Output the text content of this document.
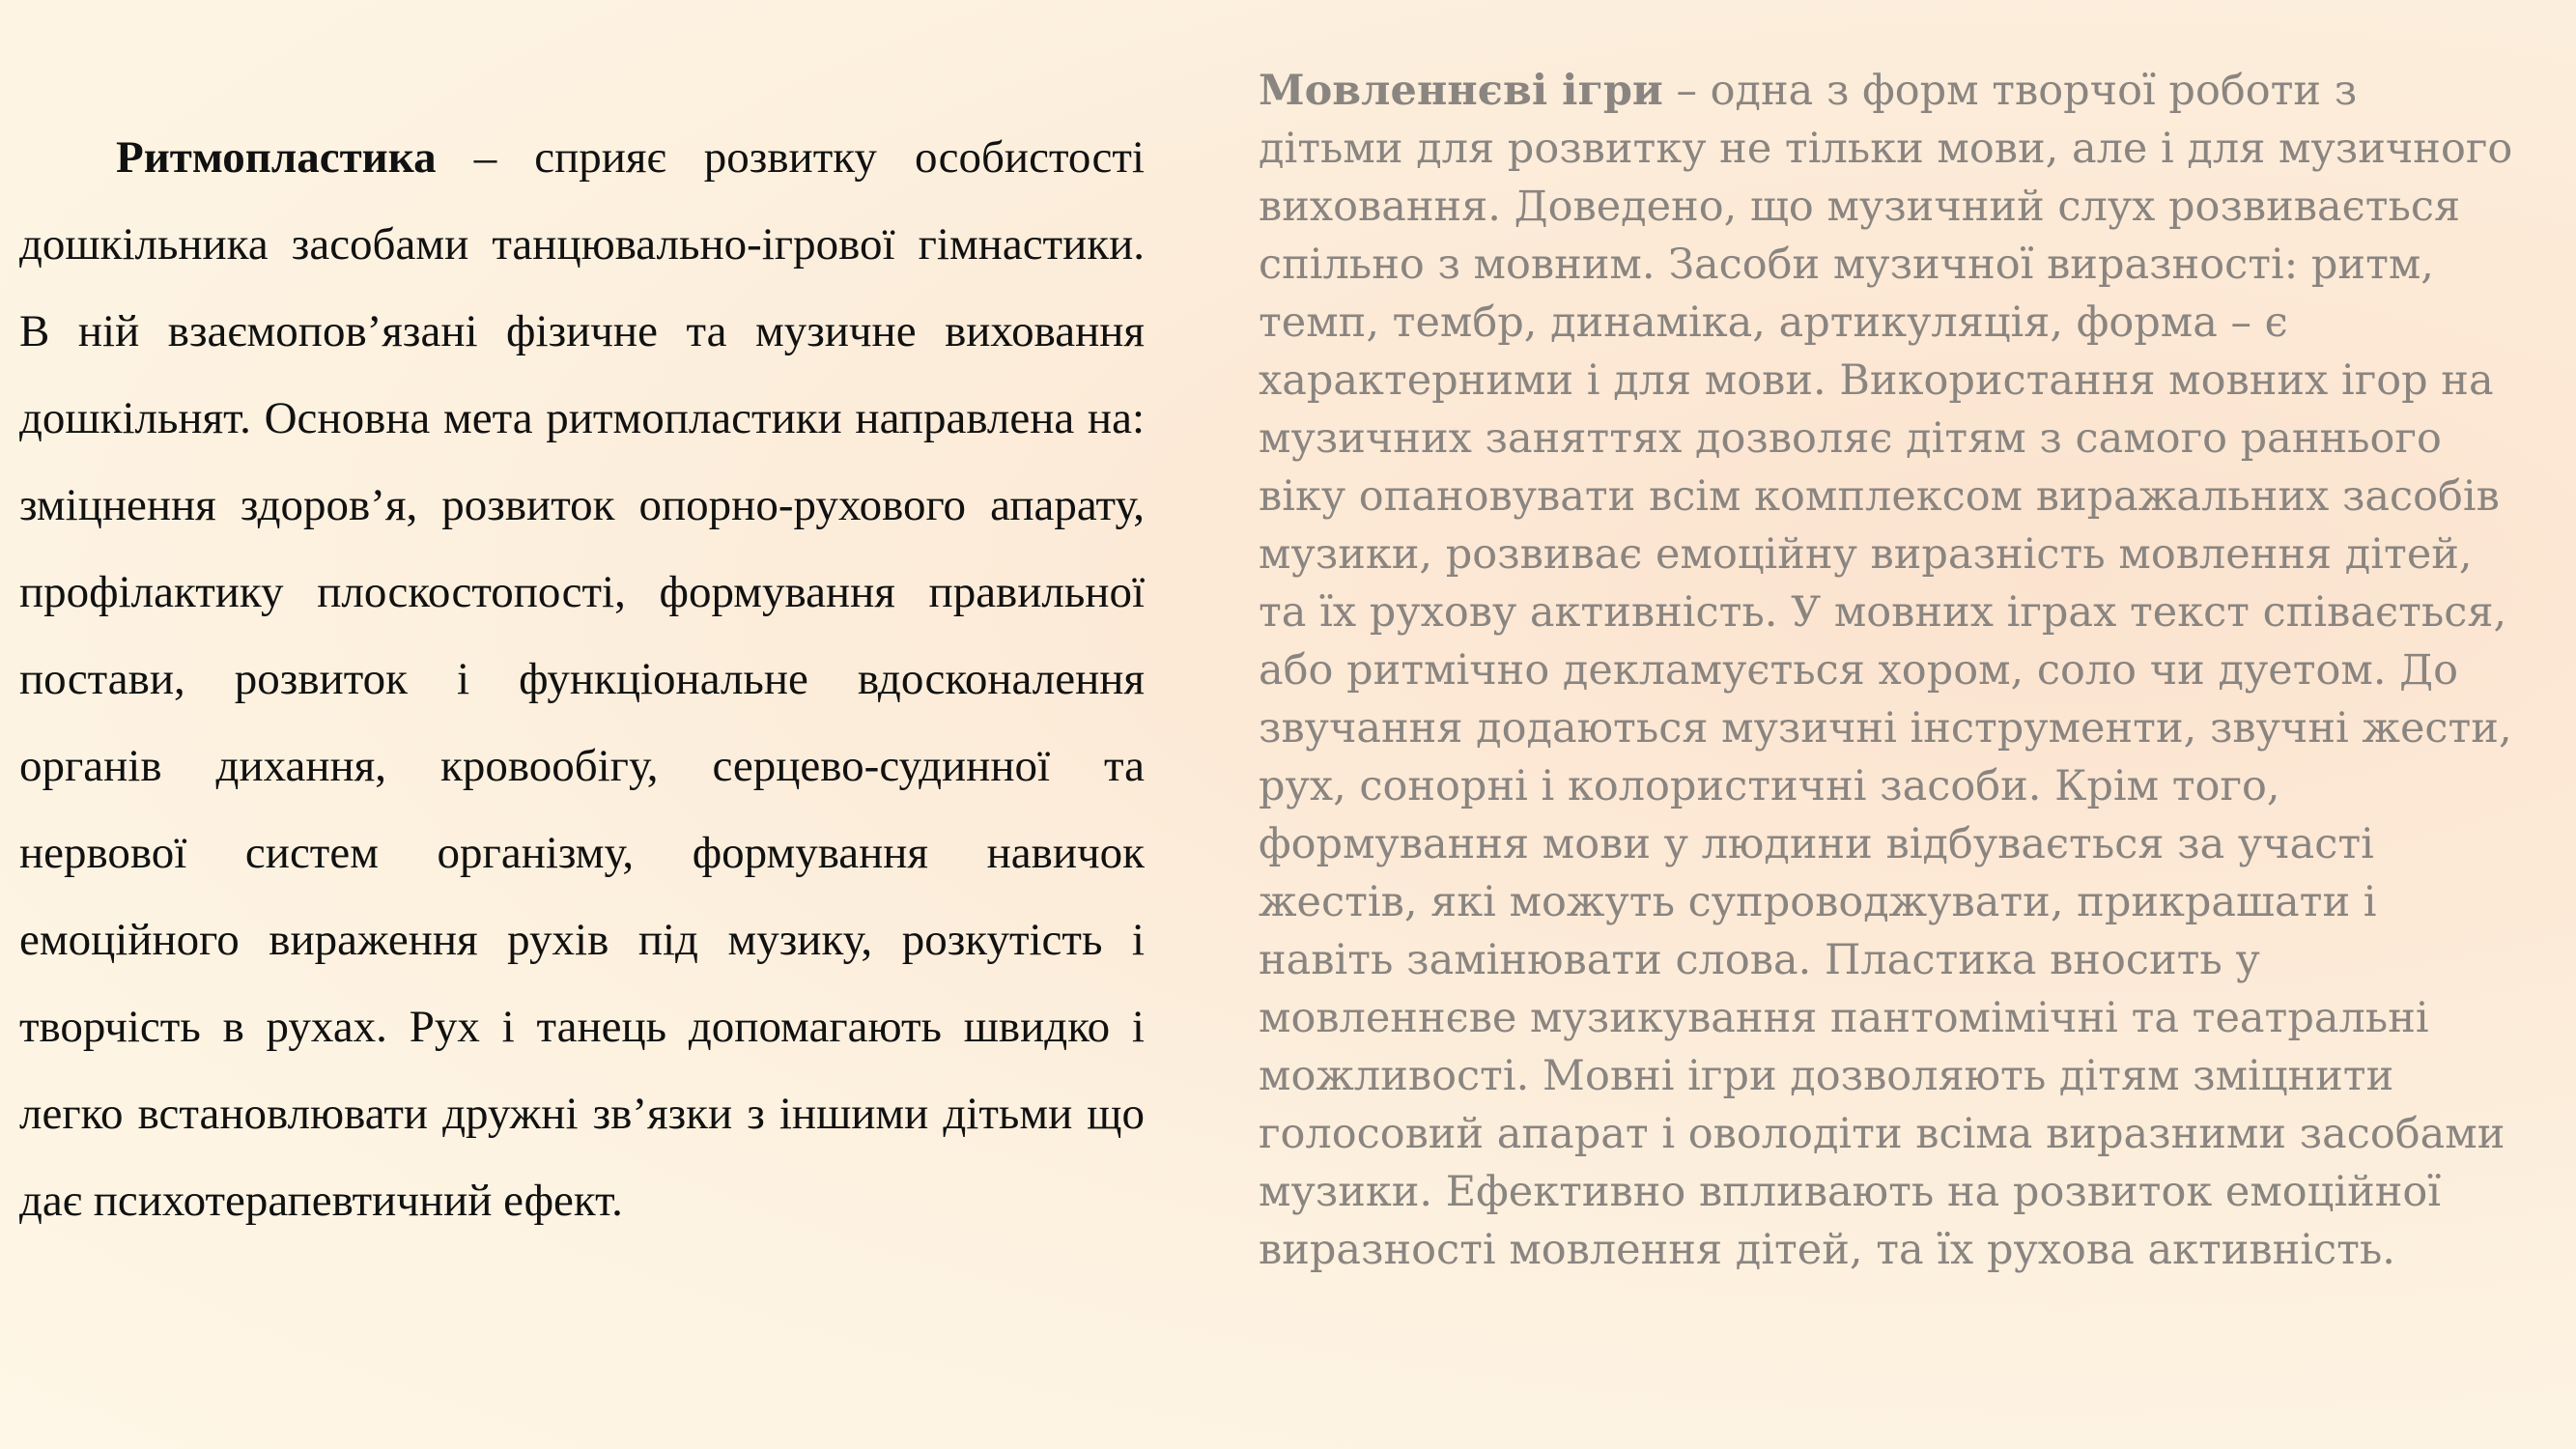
Ритмопластика – сприяє розвитку особистості дошкільника засобами танцювально-ігрової гімнастики. В ній взаємопов’язані фізичне та музичне виховання дошкільнят. Основна мета ритмопластики направлена на: зміцнення здоров’я, розвиток опорно-рухового апарату, профілактику плоскостопості, формування правильної постави, розвиток і функціональне вдосконалення органів дихання, кровообігу, серцево-судинної та нервової систем організму, формування навичок емоційного вираження рухів під музику, розкутість і творчість в рухах. Рух і танець допомагають швидко і легко встановлювати дружні зв’язки з іншими дітьми що дає психотерапевтичний ефект.
Мовленнєві ігри – одна з форм творчої роботи з дітьми для розвитку не тільки мови, але і для музичного виховання. Доведено, що музичний слух розвивається спільно з мовним. Засоби музичної виразності: ритм, темп, тембр, динаміка, артикуляція, форма – є характерними і для мови. Використання мовних ігор на музичних заняттях дозволяє дітям з самого раннього віку опановувати всім комплексом виражальних засобів музики, розвиває емоційну виразність мовлення дітей, та їх рухову активність. У мовних іграх текст співається, або ритмічно декламується хором, соло чи дуетом. До звучання додаються музичні інструменти, звучні жести, рух, сонорні і колористичні засоби. Крім того, формування мови у людини відбувається за участі жестів, які можуть супроводжувати, прикрашати і навіть замінювати слова. Пластика вносить у мовленнєве музикування пантомімічні та театральні можливості. Мовні ігри дозволяють дітям зміцнити голосовий апарат і оволодіти всіма виразними засобами музики. Ефективно впливають на розвиток емоційної виразності мовлення дітей, та їх рухова активність.
